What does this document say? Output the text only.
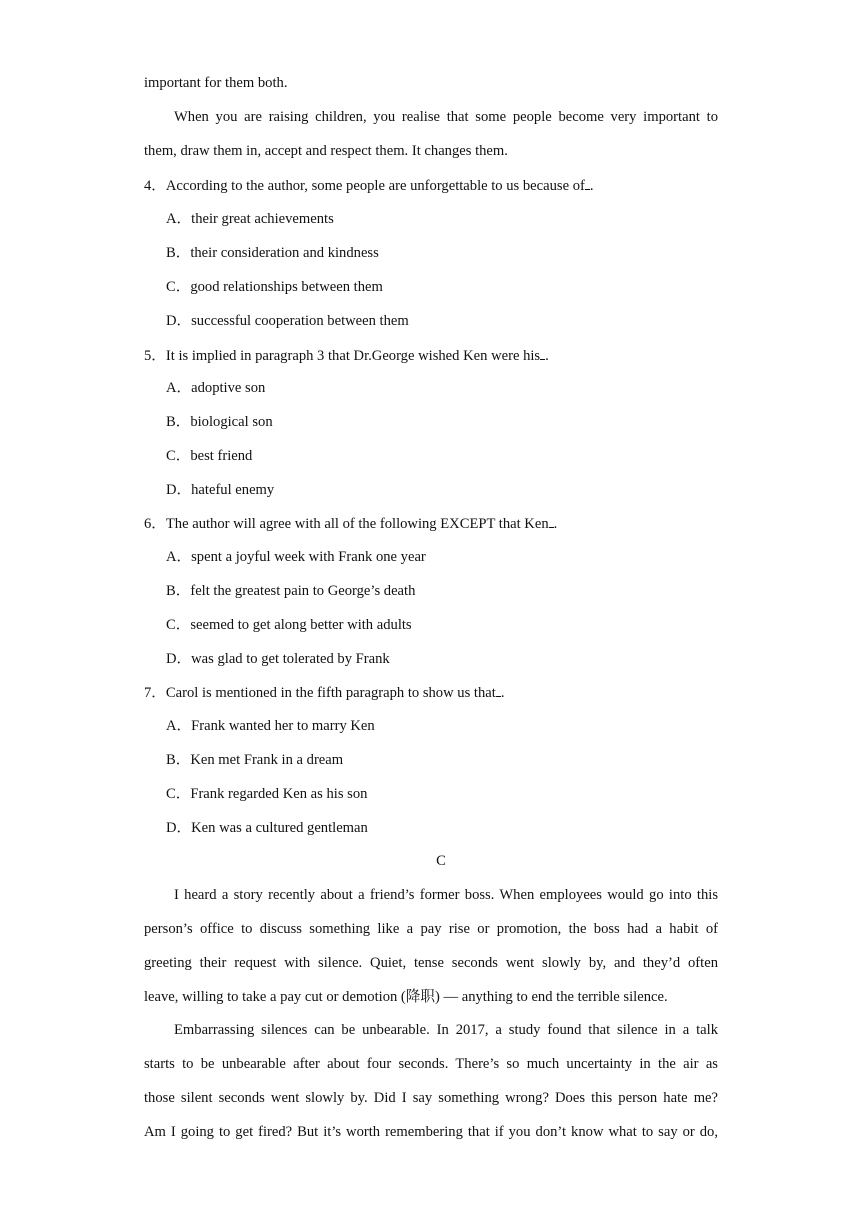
important for them both.
When you are raising children, you realise that some people become very important to
them, draw them in, accept and respect them. It changes them.
4．According to the author, some people are unforgettable to us because of .
A．their great achievements
B．their consideration and kindness
C．good relationships between them
D．successful cooperation between them
5．It is implied in paragraph 3 that Dr.George wished Ken were his .
A．adoptive son
B．biological son
C．best friend
D．hateful enemy
6．The author will agree with all of the following EXCEPT that Ken .
A．spent a joyful week with Frank one year
B．felt the greatest pain to George’s death
C．seemed to get along better with adults
D．was glad to get tolerated by Frank
7．Carol is mentioned in the fifth paragraph to show us that .
A．Frank wanted her to marry Ken
B．Ken met Frank in a dream
C．Frank regarded Ken as his son
D．Ken was a cultured gentleman
C
I heard a story recently about a friend’s former boss. When employees would go into this
person’s office to discuss something like a pay rise or promotion, the boss had a habit of
greeting their request with silence. Quiet, tense seconds went slowly by, and they’d often
leave, willing to take a pay cut or demotion (降职) — anything to end the terrible silence.
Embarrassing silences can be unbearable. In 2017, a study found that silence in a talk
starts to be unbearable after about four seconds. There’s so much uncertainty in the air as
those silent seconds went slowly by. Did I say something wrong? Does this person hate me?
Am I going to get fired? But it’s worth remembering that if you don’t know what to say or do,
